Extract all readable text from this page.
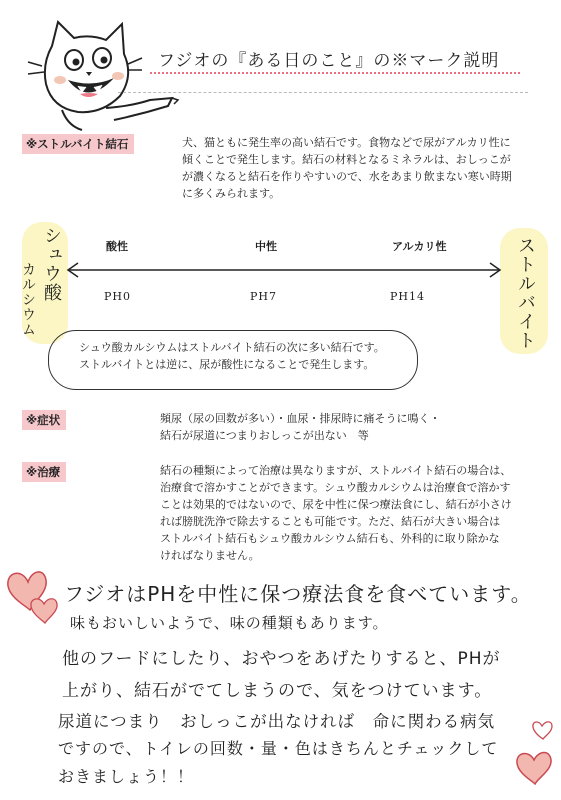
フジオの『ある日のこと』の※マーク説明
※ストルバイト結石	犬、猫ともに発生率の高い結石です。食物などで尿がアルカリ性に
傾くことで発生します。結石の材料となるミネラルは、おしっこが
が濃くなると結石を作りやすいので、水をあまり飲まない寒い時期
に多くみられます。
シュウ酸
カルシウム	ストルバイト
酸性	中性	アルカリ性
PH0	PH7	PH14
シュウ酸カルシウムはストルバイト結石の次に多い結石です。
ストルバイトとは逆に、尿が酸性になることで発生します。
※症状	頻尿（尿の回数が多い）・血尿・排尿時に痛そうに鳴く・
結石が尿道につまりおしっこが出ない　等
※治療	結石の種類によって治療は異なりますが、ストルバイト結石の場合は、
治療食で溶かすことができます。シュウ酸カルシウムは治療食で溶かす
ことは効果的ではないので、尿を中性に保つ療法食にし、結石が小さけ
れば膀胱洗浄で除去することも可能です。ただ、結石が大きい場合は
ストルバイト結石もシュウ酸カルシウム結石も、外科的に取り除かな
ければなりません。
フジオはPHを中性に保つ療法食を食べています。
味もおいしいようで、味の種類もあります。
他のフードにしたり、おやつをあげたりすると、PHが
上がり、結石がでてしまうので、気をつけています。
尿道につまり　おしっこが出なければ　命に関わる病気
ですので、トイレの回数・量・色はきちんとチェックして
おきましょう！！
